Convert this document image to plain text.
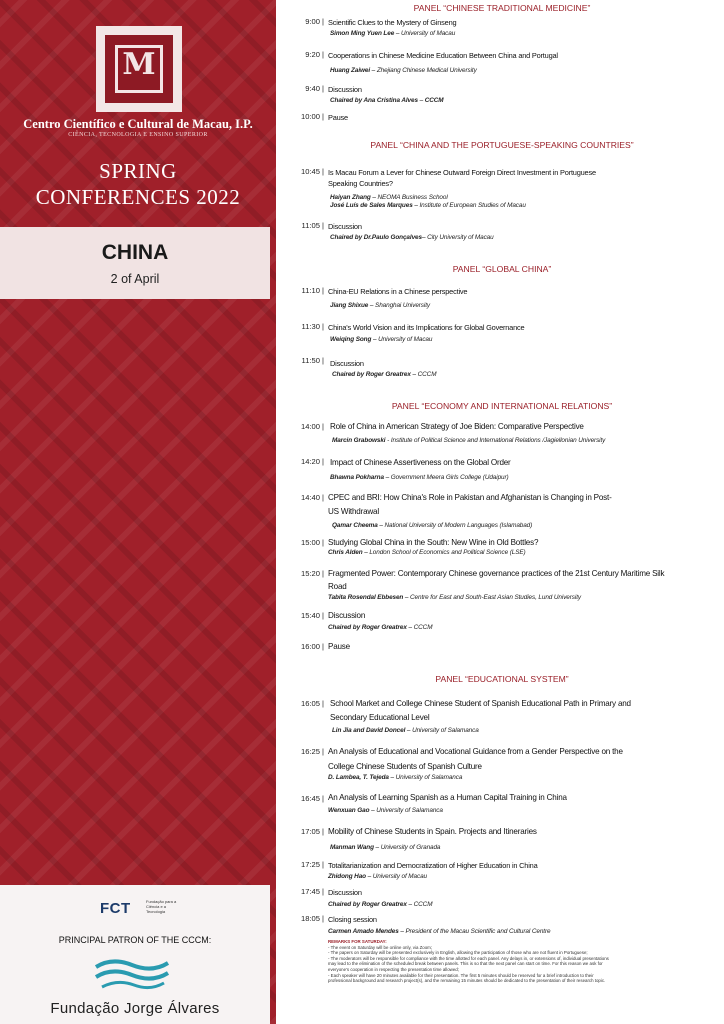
M
Centro Científico e Cultural de Macau, I.P.
CIÊNCIA, TECNOLOGIA E ENSINO SUPERIOR
SPRING
CONFERENCES 2022
CHINA
2 of April
FCT	Fundação para a Ciência e a Tecnologia
PRINCIPAL PATRON OF THE CCCM:
Fundação Jorge Álvares
PANEL “CHINESE TRADITIONAL MEDICINE”
9:00 | Scientific Clues to the Mystery of Ginseng
Simon Ming Yuen Lee – University of Macau
9:20 | Cooperations in Chinese Medicine Education Between China and Portugal
Huang Zaiwei – Zhejiang Chinese Medical University
9:40 | Discussion
Chaired by Ana Cristina Alves – CCCM
10:00 | Pause
PANEL “CHINA AND THE PORTUGUESE-SPEAKING COUNTRIES”
10:45 | Is Macau Forum a Lever for Chinese Outward Foreign Direct Investment in Portuguese
Speaking Countries?
Haiyan Zhang – NEOMA Business School
José Luís de Sales Marques – Institute of European Studies of Macau
11:05 | Discussion
Chaired by Dr.Paulo Gonçalves– City University of Macau
PANEL “GLOBAL CHINA”
11:10 | China-EU Relations in a Chinese perspective
Jiang Shixue – Shanghai University
11:30 | China's World Vision and its Implications for Global Governance
Weiqing Song – University of Macau
11:50 | Discussion
Chaired by Roger Greatrex – CCCM
PANEL “ECONOMY AND INTERNATIONAL RELATIONS”
14:00 | Role of China in American Strategy of Joe Biden: Comparative Perspective
Marcin Grabowski - Institute of Political Science and International Relations /Jagiellonian University
14:20 | Impact of Chinese Assertiveness on the Global Order
Bhawna Pokharna – Government Meera Girls College (Udaipur)
14:40 | CPEC and BRI: How China's Role in Pakistan and Afghanistan is Changing in Post-
US Withdrawal
Qamar Cheema – National University of Modern Languages (Islamabad)
15:00 | Studying Global China in the South: New Wine in Old Bottles?
Chris Alden – London School of Economics and Political Science (LSE)
15:20 | Fragmented Power: Contemporary Chinese governance practices of the 21st Century Maritime Silk
Road
Tabita Rosendal Ebbesen – Centre for East and South-East Asian Studies, Lund University
15:40 | Discussion
Chaired by Roger Greatrex – CCCM
16:00 | Pause
PANEL “EDUCATIONAL SYSTEM”
16:05 | School Market and College Chinese Student of Spanish Educational Path in Primary and
Secondary Educational Level
Lin Jia and David Doncel – University of Salamanca
16:25 | An Analysis of Educational and Vocational Guidance from a Gender Perspective on the
College Chinese Students of Spanish Culture
D. Lambea, T. Tejeda – University of Salamanca
16:45 | An Analysis of Learning Spanish as a Human Capital Training in China
Wenxuan Gao – University of Salamanca
17:05 | Mobility of Chinese Students in Spain. Projects and Itineraries
Manman Wang – University of Granada
17:25 | Totalitarianization and Democratization of Higher Education in China
Zhidong Hao – University of Macau
17:45 | Discussion
Chaired by Roger Greatrex – CCCM
18:05 | Closing session
Carmen Amado Mendes – President of the Macau Scientific and Cultural Centre
REMARKS FOR SATURDAY:
- The event on Saturday will be online only, via Zoom;
- The papers on Saturday will be presented exclusively in English, allowing the participation of those who are not fluent in Portuguese;
- The moderators will be responsible for compliance with the time allotted for each panel. Any delays in, or extensions of, individual presentations may lead to the elimination of the scheduled break between panels. This is so that the next panel can start on time. For this reason we ask for everyone's cooperation in respecting the presentation time allowed;
- Each speaker will have 20 minutes available for their presentation. The first 5 minutes should be reserved for a brief introduction to their professional background and research project(s), and the remaining 15 minutes should be dedicated to the presentation of their research topic.
